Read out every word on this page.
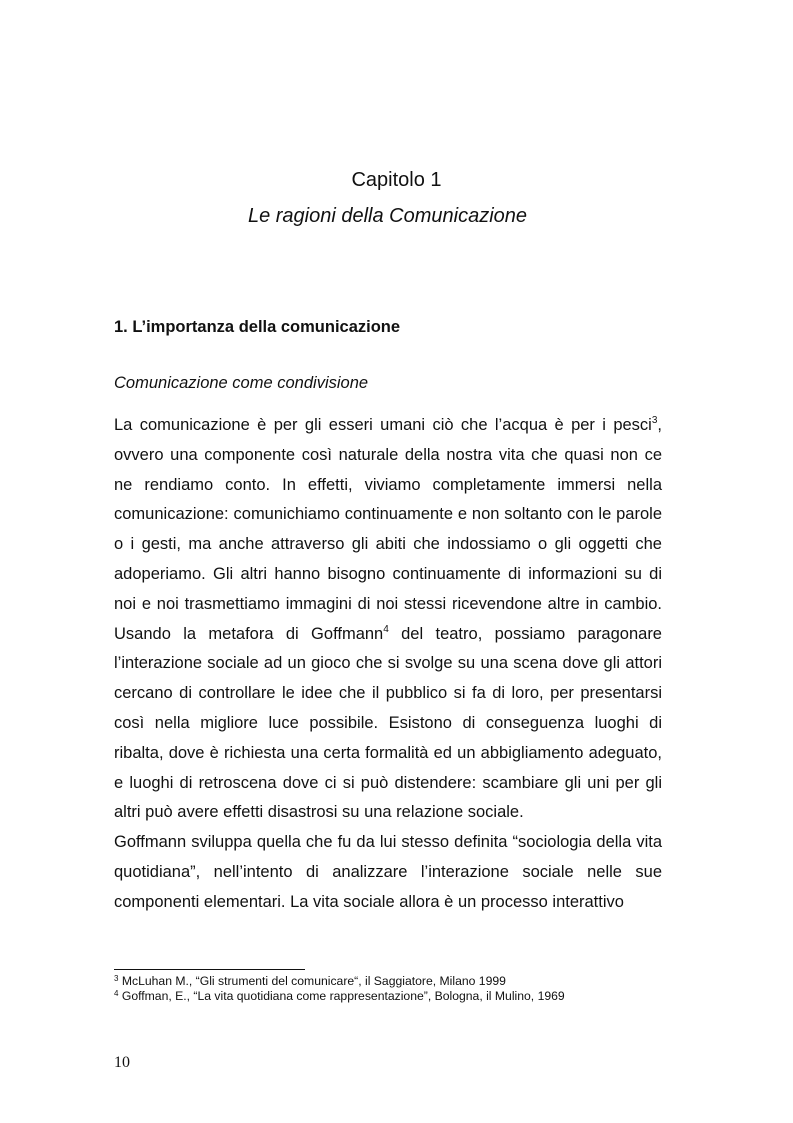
Capitolo 1
Le ragioni della Comunicazione
1. L’importanza della comunicazione
Comunicazione come condivisione

La comunicazione è per gli esseri umani ciò che l’acqua è per i pesci$^3$, ovvero una componente così naturale della nostra vita che quasi non ce ne rendiamo conto. In effetti, viviamo completamente immersi nella comunicazione: comunichiamo continuamente e non soltanto con le parole o i gesti, ma anche attraverso gli abiti che indossiamo o gli oggetti che adoperiamo. Gli altri hanno bisogno continuamente di informazioni su di noi e noi trasmettiamo immagini di noi stessi ricevendone altre in cambio. Usando la metafora di Goffmann$^4$ del teatro, possiamo paragonare l’interazione sociale ad un gioco che si svolge su una scena dove gli attori cercano di controllare le idee che il pubblico si fa di loro, per presentarsi così nella migliore luce possibile. Esistono di conseguenza luoghi di ribalta, dove è richiesta una certa formalità ed un abbigliamento adeguato, e luoghi di retroscena dove ci si può distendere: scambiare gli uni per gli altri può avere effetti disastrosi su una relazione sociale.

Goffmann sviluppa quella che fu da lui stesso definita “sociologia della vita quotidiana”, nell’intento di analizzare l’interazione sociale nelle sue componenti elementari. La vita sociale allora è un processo interattivo

$^3$ McLuhan M., “Gli strumenti del comunicare“, il Saggiatore, Milano 1999
$^4$ Goffman, E., “La vita quotidiana come rappresentazione”, Bologna, il Mulino, 1969
10
